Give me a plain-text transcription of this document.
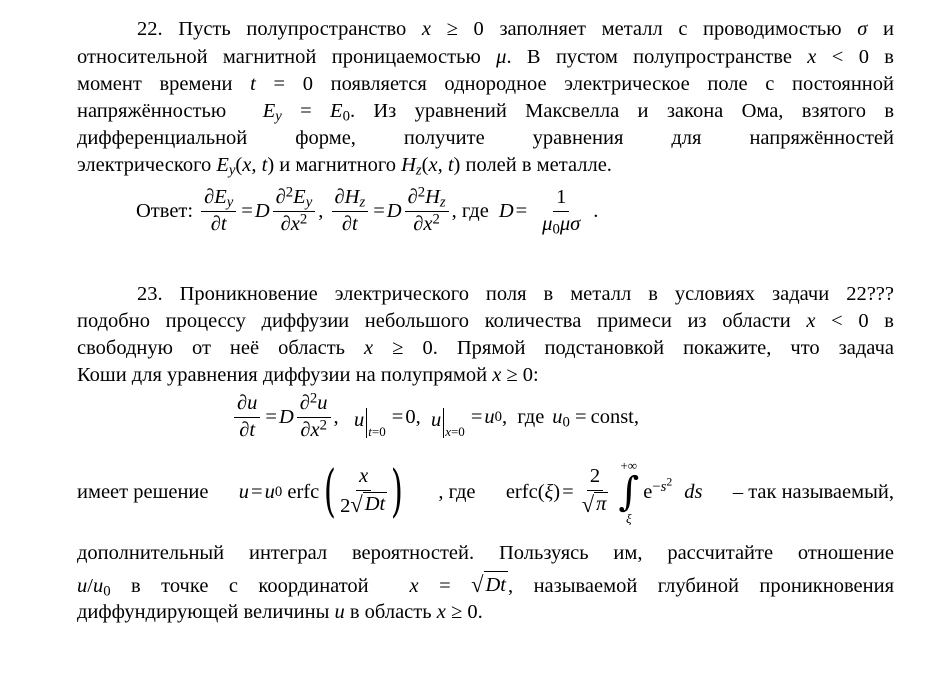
22. Пусть полупространство x ≥ 0 заполняет металл с проводимостью σ и
относительной магнитной проницаемостью μ. В пустом полупространстве x < 0 в
момент времени t = 0 появляется однородное электрическое поле с постоянной
напряжённостью  $E_y = E_0$. Из уравнений Максвелла и закона Ома, взятого в
дифференциальной форме, получите уравнения для напряжённостей
электрического $E_y(x$, t) и магнитного $H_z(x$, t) полей в металле.
Ответ: $\frac{\partial E_y}{\partial t} = D \frac{\partial^2E_y}{\partial x^2}$ , $\frac{\partial H_z}{\partial t} = D \frac{\partial^2H_z}{\partial x^2}$ , где $D = \frac{1}{\mu_0\mu\sigma}$ .
23. Проникновение электрического поля в металл в условиях задачи 22???
подобно процессу диффузии небольшого количества примеси из области x < 0 в
свободную от неё область x ≥ 0. Прямой подстановкой покажите, что задача
Коши для уравнения диффузии на полупрямой x ≥ 0:
$\frac{\partial u}{\partial t} = D \frac{\partial^2u}{\partial x^2}$ , u
t =0
= 0 , u
x =0
= u 0 , где $u_0$ = const,
имеет решение u = u 0
erfc ( $\frac{x}{2 √ Dt}$ ) , где erfc ( ξ ) = $\frac{2}{√ \pi}$ +∞
∫
ξ
$e^{-s^2}$ ds – так называемый,
дополнительный интеграл вероятностей. Пользуясь им, рассчитайте отношение
$u/u_0$ в точке с координатой  x = √ Dt , называемой глубиной проникновения
диффундирующей величины u в область x ≥ 0.
